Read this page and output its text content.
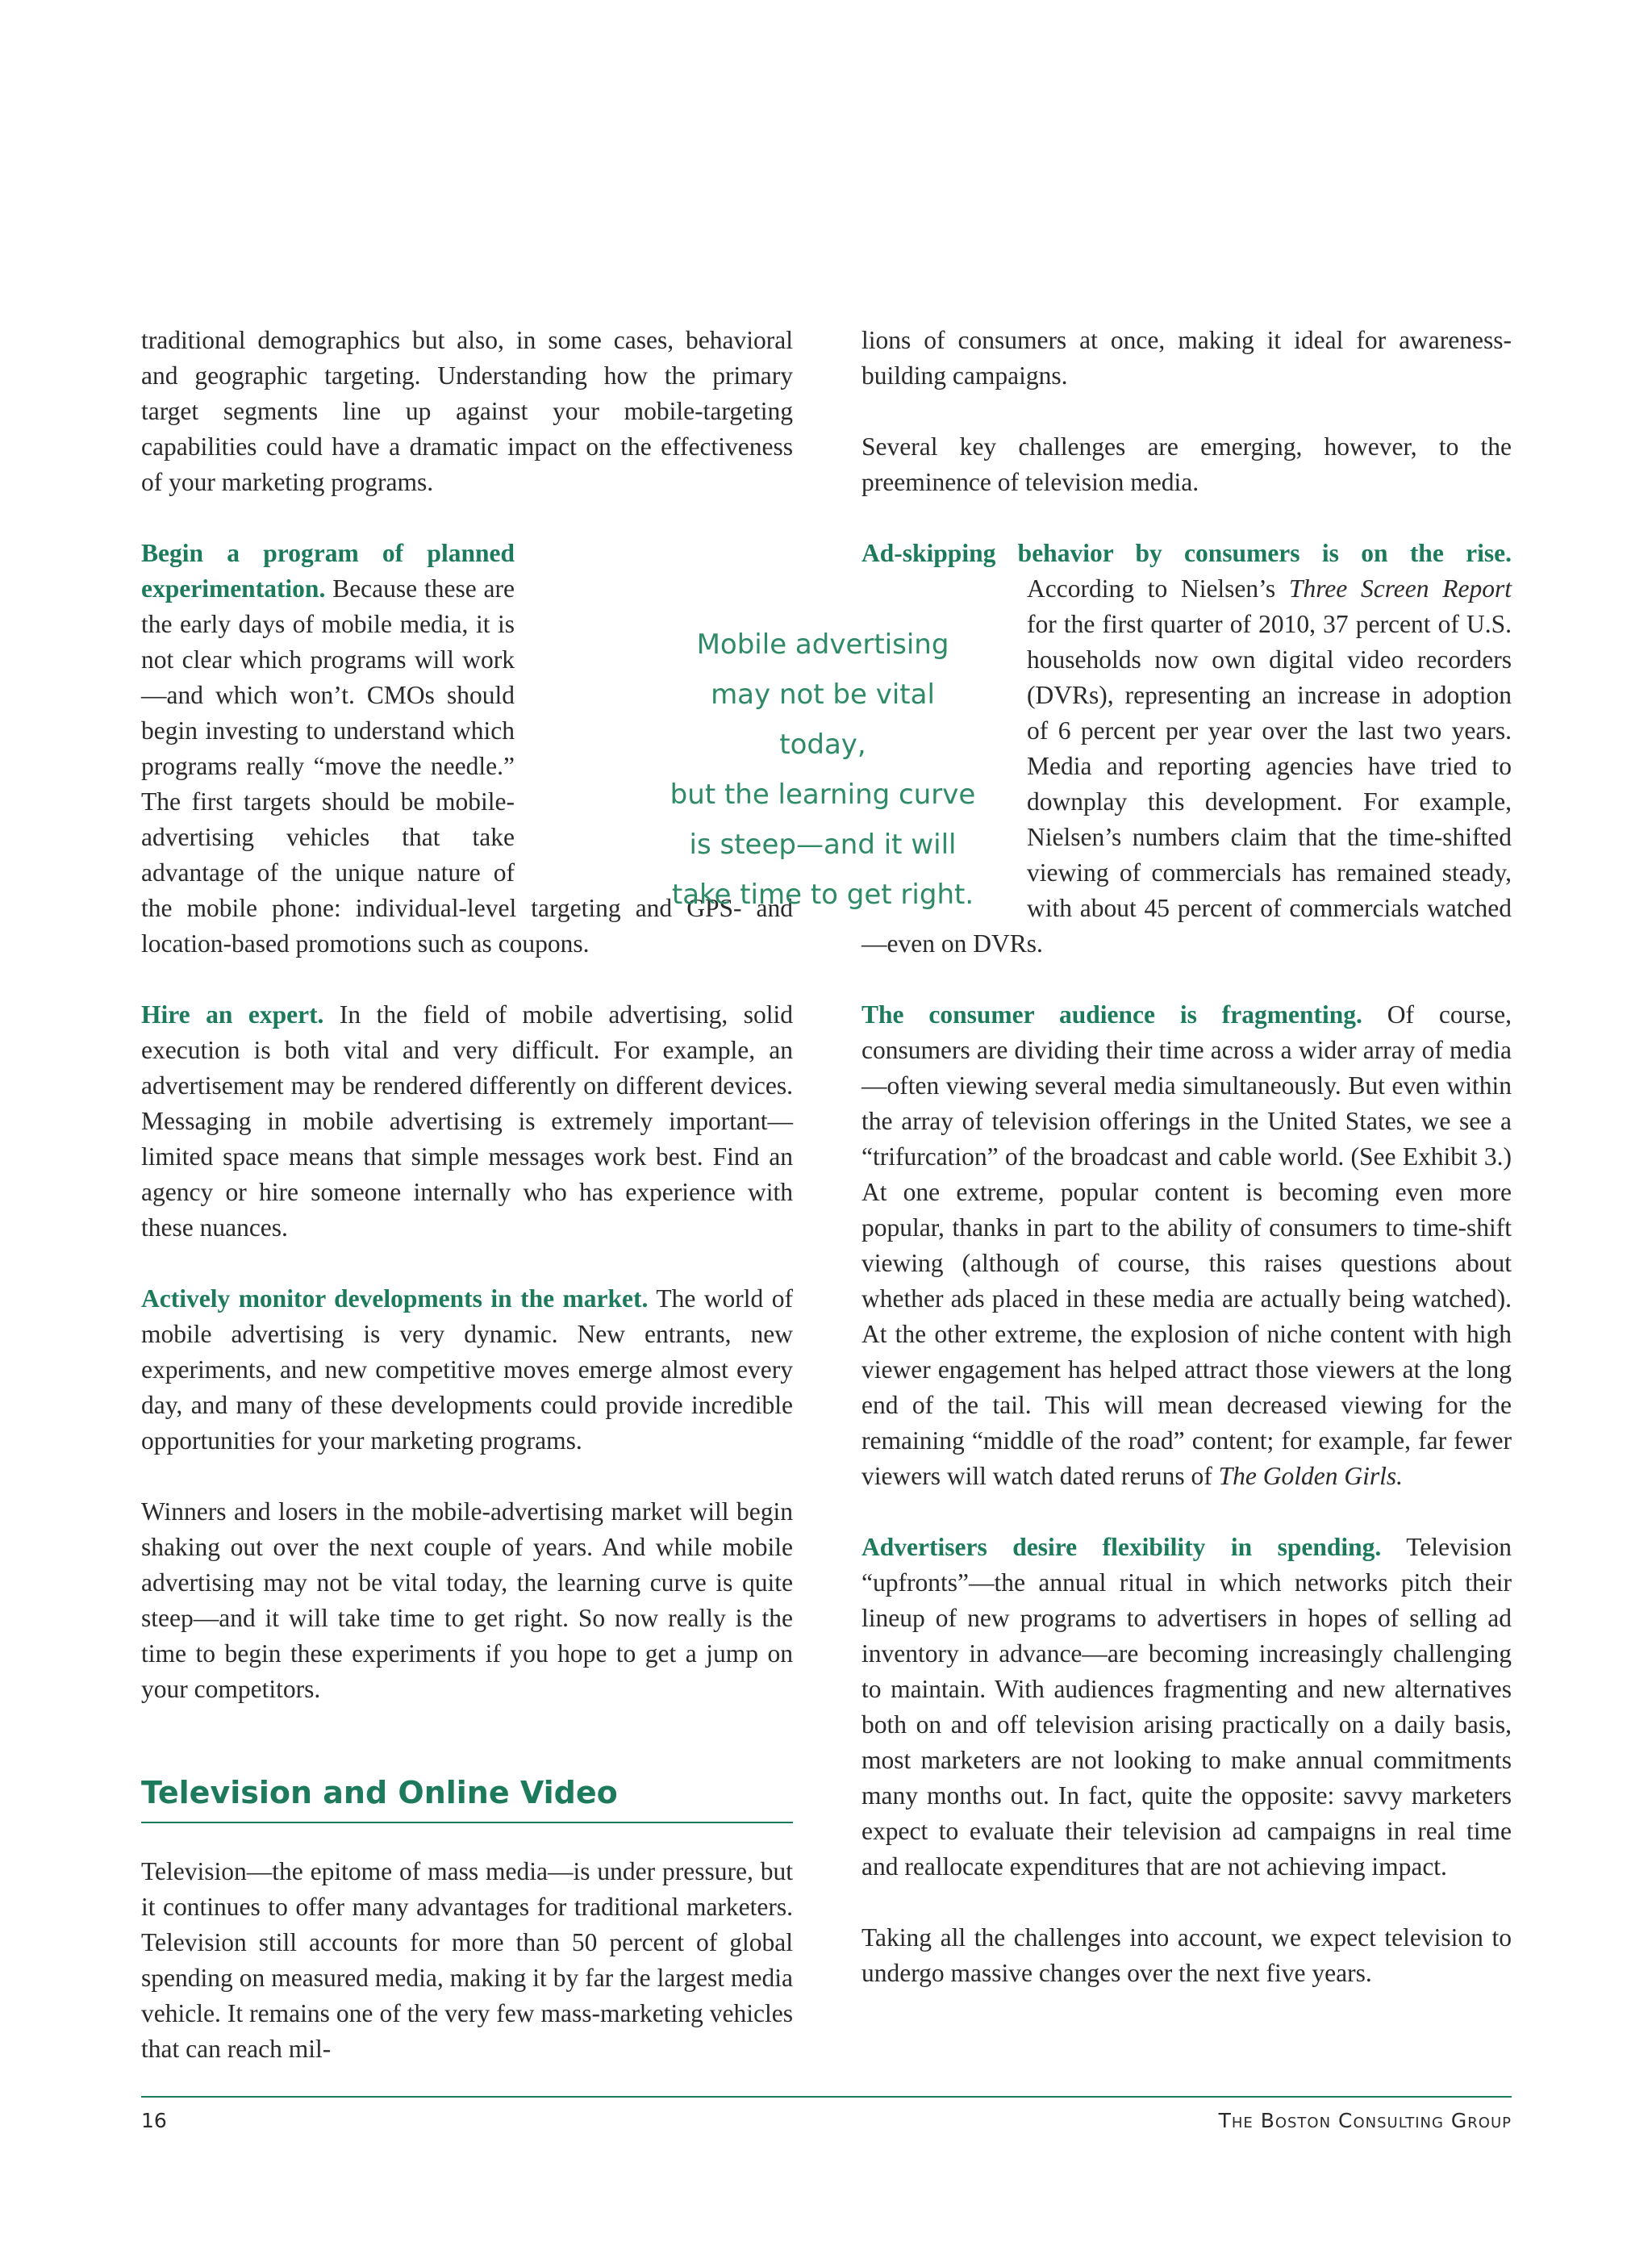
traditional demographics but also, in some cases, behavioral and geographic targeting. Understanding how the primary target segments line up against your mobile-targeting capabilities could have a dramatic impact on the effectiveness of your marketing programs.

Begin a program of planned experimentation. Because these are the early days of mobile media, it is not clear which programs will work—and which won’t. CMOs should begin investing to understand which programs really “move the needle.” The first targets should be mobile-advertising vehicles that take advantage of the unique nature of the mobile phone: individual-level targeting and GPS- and location-based promotions such as coupons.

Hire an expert. In the field of mobile advertising, solid execution is both vital and very difficult. For example, an advertisement may be rendered differently on different devices. Messaging in mobile advertising is extremely important—limited space means that simple messages work best. Find an agency or hire someone internally who has experience with these nuances.

Actively monitor developments in the market. The world of mobile advertising is very dynamic. New entrants, new experiments, and new competitive moves emerge almost every day, and many of these developments could provide incredible opportunities for your marketing programs.

Winners and losers in the mobile-advertising market will begin shaking out over the next couple of years. And while mobile advertising may not be vital today, the learning curve is quite steep—and it will take time to get right. So now really is the time to begin these experiments if you hope to get a jump on your competitors.

Television and Online Video

Television—the epitome of mass media—is under pressure, but it continues to offer many advantages for traditional marketers. Television still accounts for more than 50 percent of global spending on measured media, making it by far the largest media vehicle. It remains one of the very few mass-marketing vehicles that can reach mil-

lions of consumers at once, making it ideal for awareness-building campaigns.

Several key challenges are emerging, however, to the preeminence of television media.

Ad-skipping behavior by consumers is on the rise. According to Nielsen’s
Three Screen Report for the first quarter of 2010, 37 percent of U.S. households now own digital video recorders (DVRs), representing an increase in adoption of 6 percent per year over the last two years. Media and reporting agencies have tried to downplay this development. For example, Nielsen’s numbers claim that the time-shifted viewing of commercials has remained steady, with about 45 percent of commercials watched—even on DVRs.

The consumer audience is fragmenting. Of course, consumers are dividing their time across a wider array of media—often viewing several media simultaneously. But even within the array of television offerings in the United States, we see a “trifurcation” of the broadcast and cable world. (See Exhibit 3.) At one extreme, popular content is becoming even more popular, thanks in part to the ability of consumers to time-shift viewing (although of course, this raises questions about whether ads placed in these media are actually being watched). At the other extreme, the explosion of niche content with high viewer engagement has helped attract those viewers at the long end of the tail. This will mean decreased viewing for the remaining “middle of the road” content; for example, far fewer viewers will watch dated reruns of The Golden Girls.

Advertisers desire flexibility in spending. Television “upfronts”—the annual ritual in which networks pitch their lineup of new programs to advertisers in hopes of selling ad inventory in advance—are becoming increasingly challenging to maintain. With audiences fragmenting and new alternatives both on and off television arising practically on a daily basis, most marketers are not looking to make annual commitments many months out. In fact, quite the opposite: savvy marketers expect to evaluate their television ad campaigns in real time and reallocate expenditures that are not achieving impact.

Taking all the challenges into account, we expect television to undergo massive changes over the next five years.

Mobile advertising
may not be vital today,
but the learning curve
is steep—and it will
take time to get right.
16	The Boston Consulting Group
